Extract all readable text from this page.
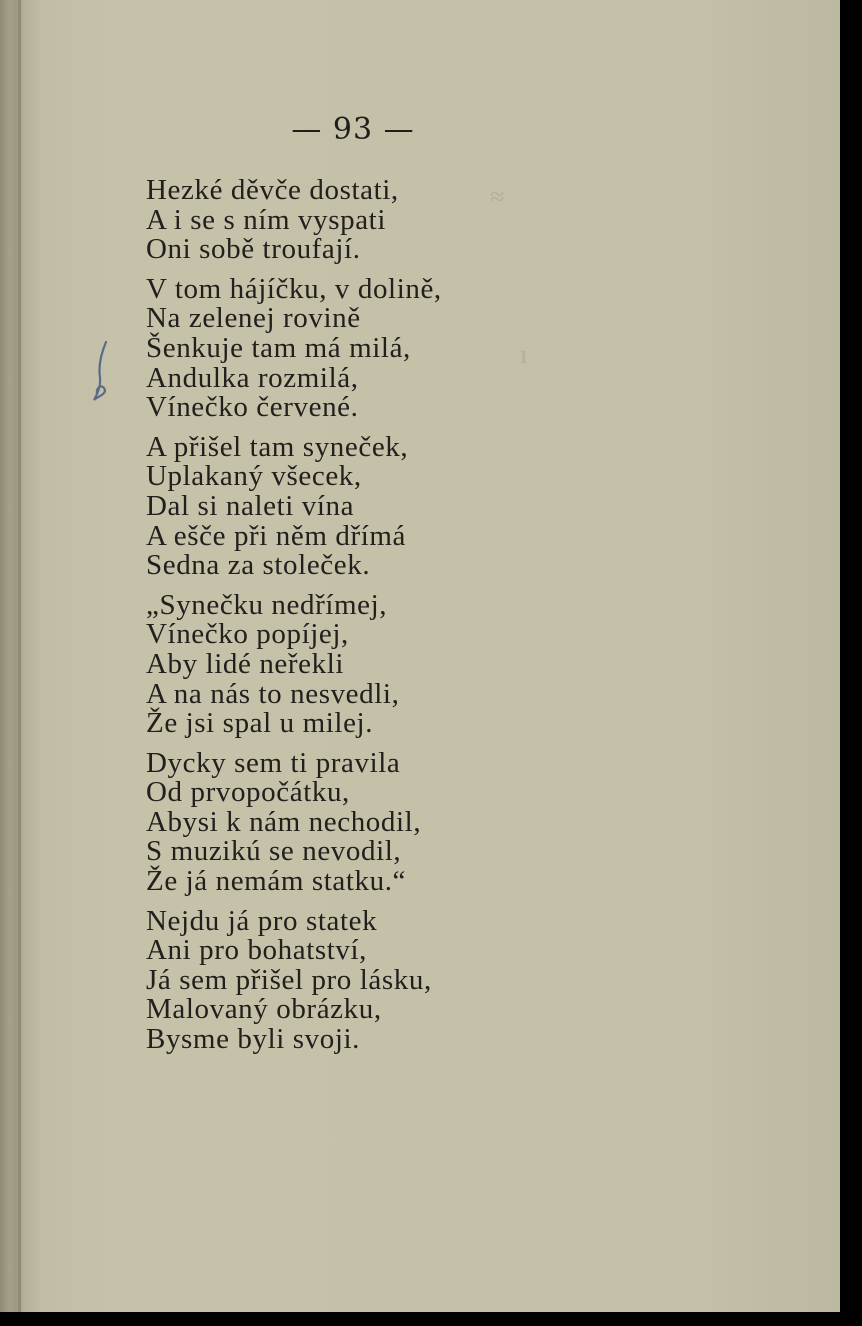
— 93 —
≈
ı
Hezké děvče dostati,
A i se s ním vyspati
Oni sobě troufají.
V tom hájíčku, v dolině,
Na zelenej rovině
Šenkuje tam má milá,
Andulka rozmilá,
Vínečko červené.
A přišel tam syneček,
Uplakaný všecek,
Dal si naleti vína
A ešče při něm dřímá
Sedna za stoleček.
„Synečku nedřímej,
Vínečko popíjej,
Aby lidé neřekli
A na nás to nesvedli,
Že jsi spal u milej.
Dycky sem ti pravila
Od prvopočátku,
Abysi k nám nechodil,
S muzikú se nevodil,
Že já nemám statku.“
Nejdu já pro statek
Ani pro bohatství,
Já sem přišel pro lásku,
Malovaný obrázku,
Bysme byli svoji.
